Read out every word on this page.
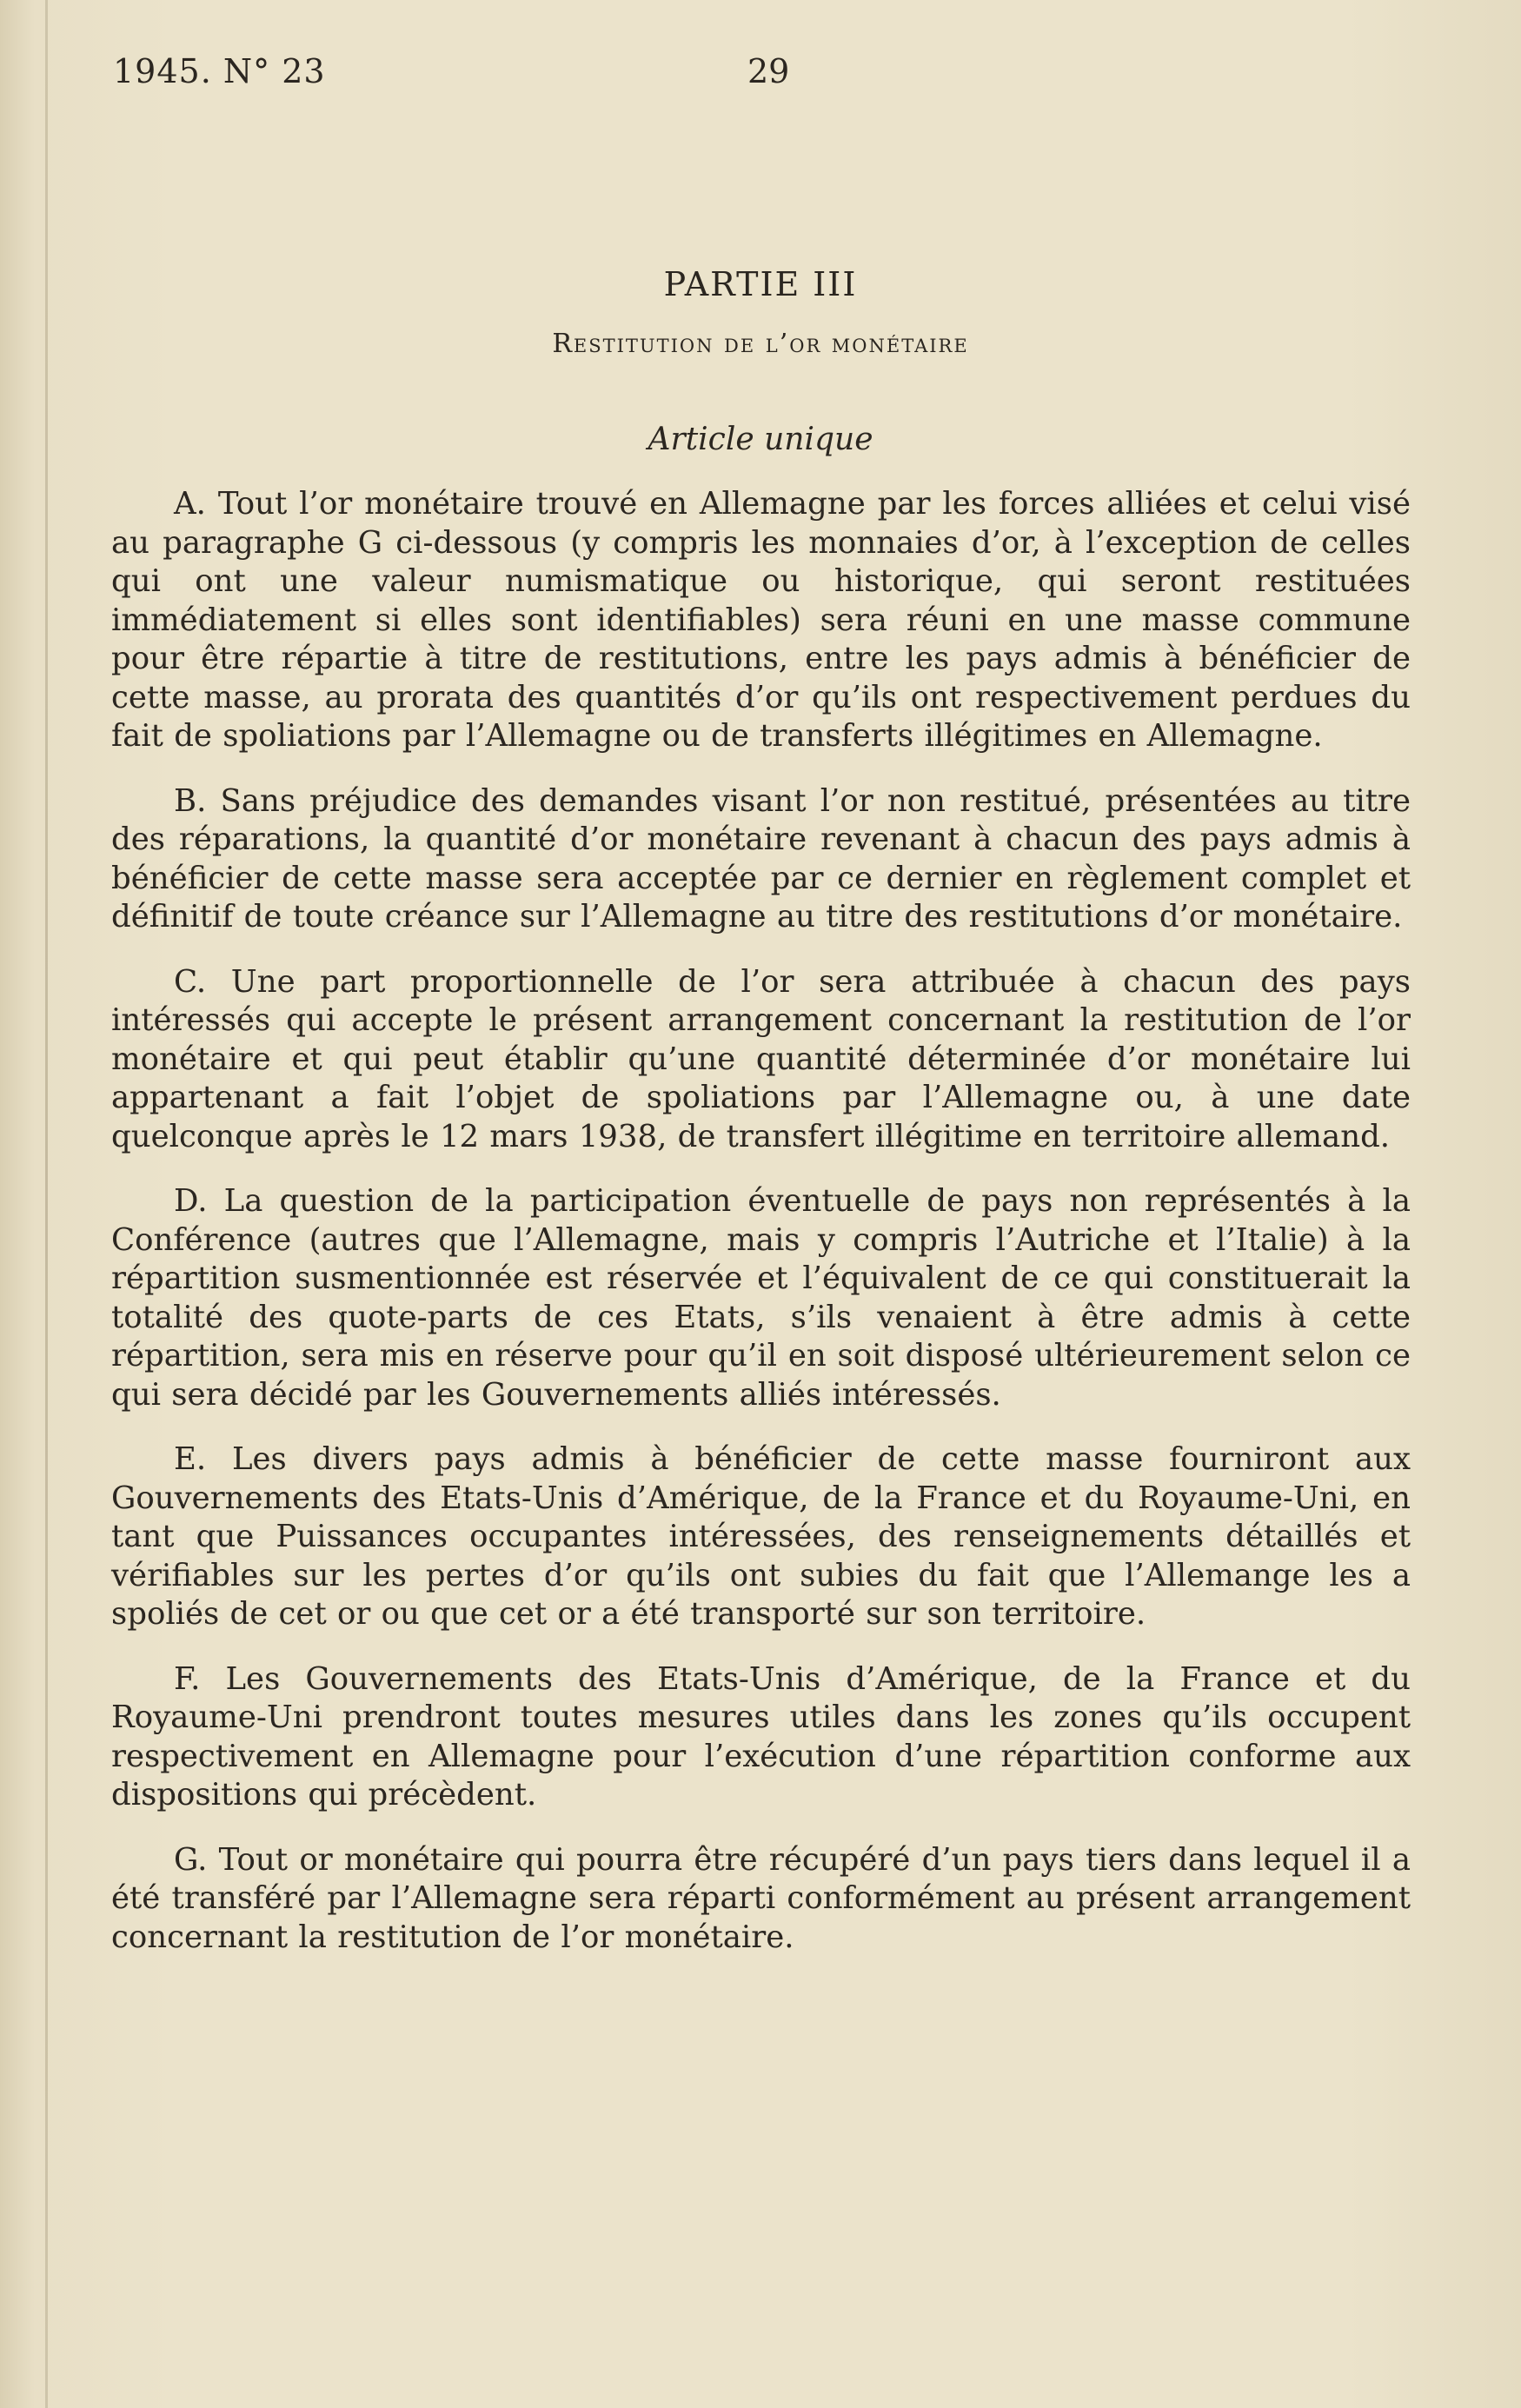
1945. N° 23	29
PARTIE III
Restitution de l’or monétaire
Article unique

A. Tout l’or monétaire trouvé en Allemagne par les forces alliées et celui visé au paragraphe G ci-dessous (y compris les monnaies d’or, à l’exception de celles qui ont une valeur numismatique ou historique, qui seront restituées immédiatement si elles sont identifiables) sera réuni en une masse commune pour être répartie à titre de restitutions, entre les pays admis à bénéficier de cette masse, au prorata des quantités d’or qu’ils ont respectivement perdues du fait de spoliations par l’Allemagne ou de transferts illégitimes en Allemagne.

B. Sans préjudice des demandes visant l’or non restitué, présentées au titre des réparations, la quantité d’or monétaire revenant à chacun des pays admis à bénéficier de cette masse sera acceptée par ce dernier en règlement complet et définitif de toute créance sur l’Allemagne au titre des restitutions d’or monétaire.

C. Une part proportionnelle de l’or sera attribuée à chacun des pays intéressés qui accepte le présent arrangement concernant la restitution de l’or monétaire et qui peut établir qu’une quantité déterminée d’or monétaire lui appartenant a fait l’objet de spoliations par l’Allemagne ou, à une date quelconque après le 12 mars 1938, de transfert illégitime en territoire allemand.

D. La question de la participation éventuelle de pays non représentés à la Conférence (autres que l’Allemagne, mais y compris l’Autriche et l’Italie) à la répartition susmentionnée est réservée et l’équivalent de ce qui constituerait la totalité des quote-parts de ces Etats, s’ils venaient à être admis à cette répartition, sera mis en réserve pour qu’il en soit disposé ultérieurement selon ce qui sera décidé par les Gouvernements alliés intéressés.

E. Les divers pays admis à bénéficier de cette masse fourniront aux Gouvernements des Etats-Unis d’Amérique, de la France et du Royaume-Uni, en tant que Puissances occupantes intéressées, des renseignements détaillés et vérifiables sur les pertes d’or qu’ils ont subies du fait que l’Allemange les a spoliés de cet or ou que cet or a été transporté sur son territoire.

F. Les Gouvernements des Etats-Unis d’Amérique, de la France et du Royaume-Uni prendront toutes mesures utiles dans les zones qu’ils occupent respectivement en Allemagne pour l’exécution d’une répartition conforme aux dispositions qui précèdent.

G. Tout or monétaire qui pourra être récupéré d’un pays tiers dans lequel il a été transféré par l’Allemagne sera réparti conformément au présent arrangement concernant la restitution de l’or monétaire.
